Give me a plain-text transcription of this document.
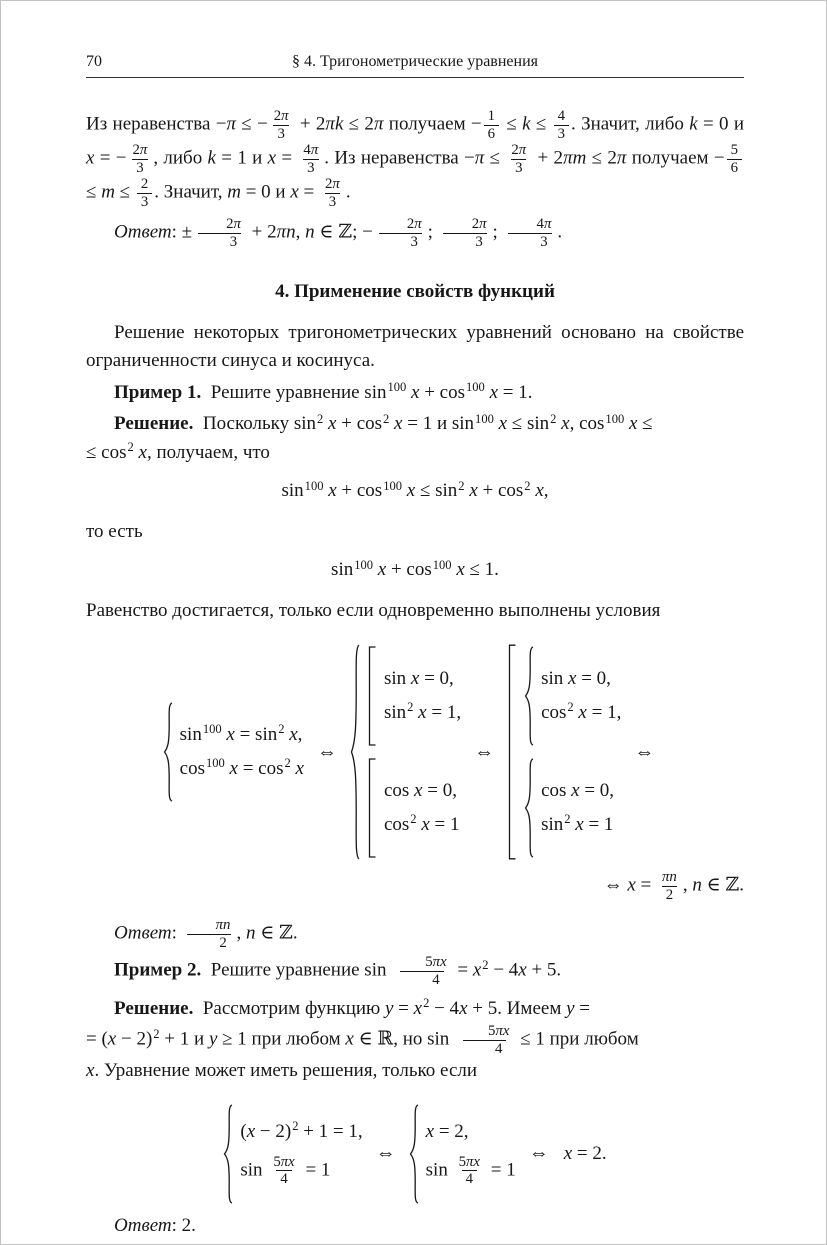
70	§ 4. Тригонометрические уравнения

Из неравенства −π ≤ − $\frac{2\pi}{3} + 2\pi k \le 2\pi$ получаем − $\frac{1}{6} \le k \le \frac{4}{3}$ . Значит, либо k = 0 и x = − $\frac{2\pi}{3}$ , либо k = 1 и $x = \frac{4\pi}{3}$ . Из неравенства $-\pi \le \frac{2\pi}{3} + 2\pi m \le 2\pi$ получаем − $\frac{5}{6}$
≤ $m \le \frac{2}{3}$ . Значит, m = 0 и $x = \frac{2\pi}{3}$ .

Ответ: ± $\frac{2\pi}{3} + 2\pi n$, n ∈ ℤ; − $\frac{2\pi}{3}$ ; $\frac{2\pi}{3}$ ; $\frac{4\pi}{3}$ .

4. Применение свойств функций

Решение некоторых тригонометрических уравнений основано на свойстве ограниченности синуса и косинуса.

Пример 1.  Решите уравнение $\sin^{100} x + \cos^{100} x = 1$.

Решение.  Поскольку $\sin^2 x + \cos^2 x = 1$ и $\sin^{100} x \le \sin^2 x$, $\cos^{100} x$ ≤
≤ $\cos^2 x$, получаем, что

$\sin^{100} x + \cos^{100} x \le \sin^2 x + \cos^2 x$,

то есть

$\sin^{100} x + \cos^{100} x \le 1$.

Равенство достигается, только если одновременно выполнены условия

$\sin^{100} x = \sin^2 x$,
$\cos^{100} x = \cos^2 x$
⇔
sin x = 0,
$\sin^2 x = 1$,
cos x = 0,
$\cos^2 x = 1$
⇔
sin x = 0,
$\cos^2 x = 1$,
cos x = 0,
$\sin^2 x = 1$
⇔
⇔ $x = \frac{\pi n}{2}$ , n ∈ ℤ.

Ответ: $\frac{\pi n}{2}$ , n ∈ ℤ.

Пример 2.  Решите уравнение $\sin \frac{5\pi x}{4} = x^2 - 4x + 5$.

Решение.  Рассмотрим функцию $y = x^2 - 4x + 5$. Имеем y =
= $(x - 2)^2 + 1$ и y ≥ 1 при любом x ∈ ℝ, но $\sin \frac{5\pi x}{4} \le 1$ при любом
x. Уравнение может иметь решения, только если

$(x - 2)^2 + 1 = 1$,
$\sin \frac{5\pi x}{4} = 1$
⇔
x = 2,
$\sin \frac{5\pi x}{4} = 1$
⇔ x = 2.

Ответ: 2.
